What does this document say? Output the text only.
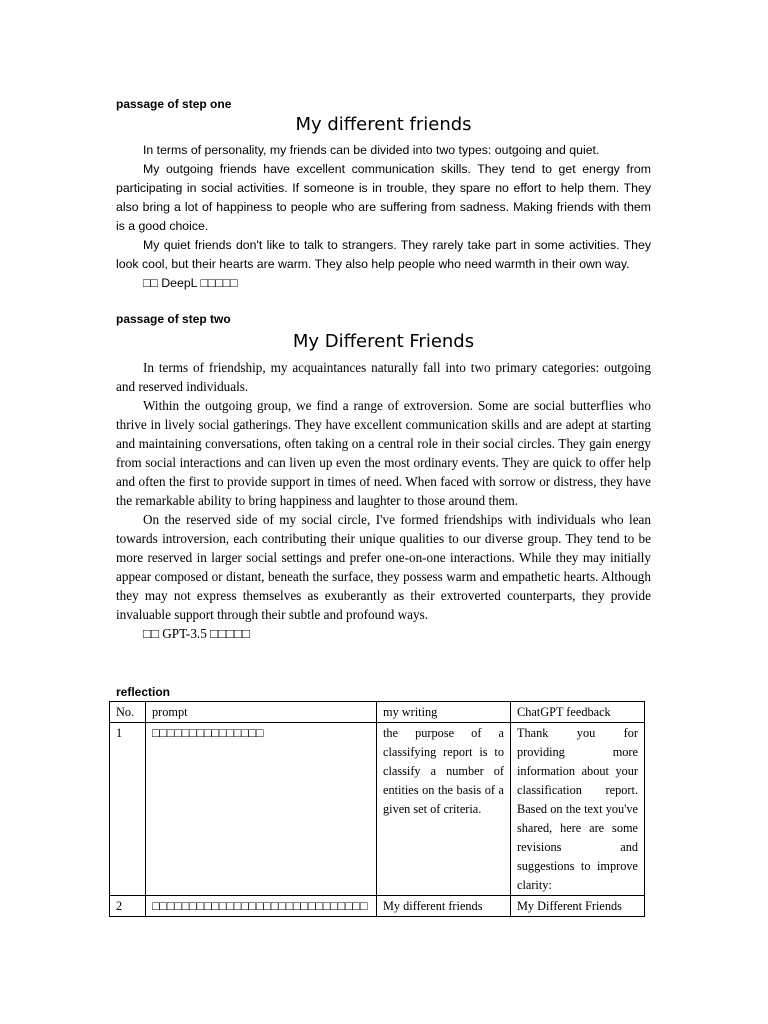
passage of step one
My different friends

In terms of personality, my friends can be divided into two types: outgoing and quiet.

My outgoing friends have excellent communication skills. They tend to get energy from participating in social activities. If someone is in trouble, they spare no effort to help them. They also bring a lot of happiness to people who are suffering from sadness. Making friends with them is a good choice.

My quiet friends don't like to talk to strangers. They rarely take part in some activities. They look cool, but their hearts are warm. They also help people who need warmth in their own way.

□□ DeepL □□□□□

passage of step two
My Different Friends

In terms of friendship, my acquaintances naturally fall into two primary categories: outgoing and reserved individuals.

Within the outgoing group, we find a range of extroversion. Some are social butterflies who thrive in lively social gatherings. They have excellent communication skills and are adept at starting and maintaining conversations, often taking on a central role in their social circles. They gain energy from social interactions and can liven up even the most ordinary events. They are quick to offer help and often the first to provide support in times of need. When faced with sorrow or distress, they have the remarkable ability to bring happiness and laughter to those around them.

On the reserved side of my social circle, I've formed friendships with individuals who lean towards introversion, each contributing their unique qualities to our diverse group. They tend to be more reserved in larger social settings and prefer one-on-one interactions. While they may initially appear composed or distant, beneath the surface, they possess warm and empathetic hearts. Although they may not express themselves as exuberantly as their extroverted counterparts, they provide invaluable support through their subtle and profound ways.

□□ GPT-3.5 □□□□□

reflection
No.	prompt	my writing	ChatGPT feedback
1	□□□□□□□□□□□□□□□	the purpose of a classifying report is to classify a number of entities on the basis of a given set of criteria.	Thank you for providing more information about your classification report. Based on the text you've shared, here are some revisions and suggestions to improve clarity:
2	□□□□□□□□□□□□□□□□□□□□□□□□□□□□□	My different friends	My Different Friends
